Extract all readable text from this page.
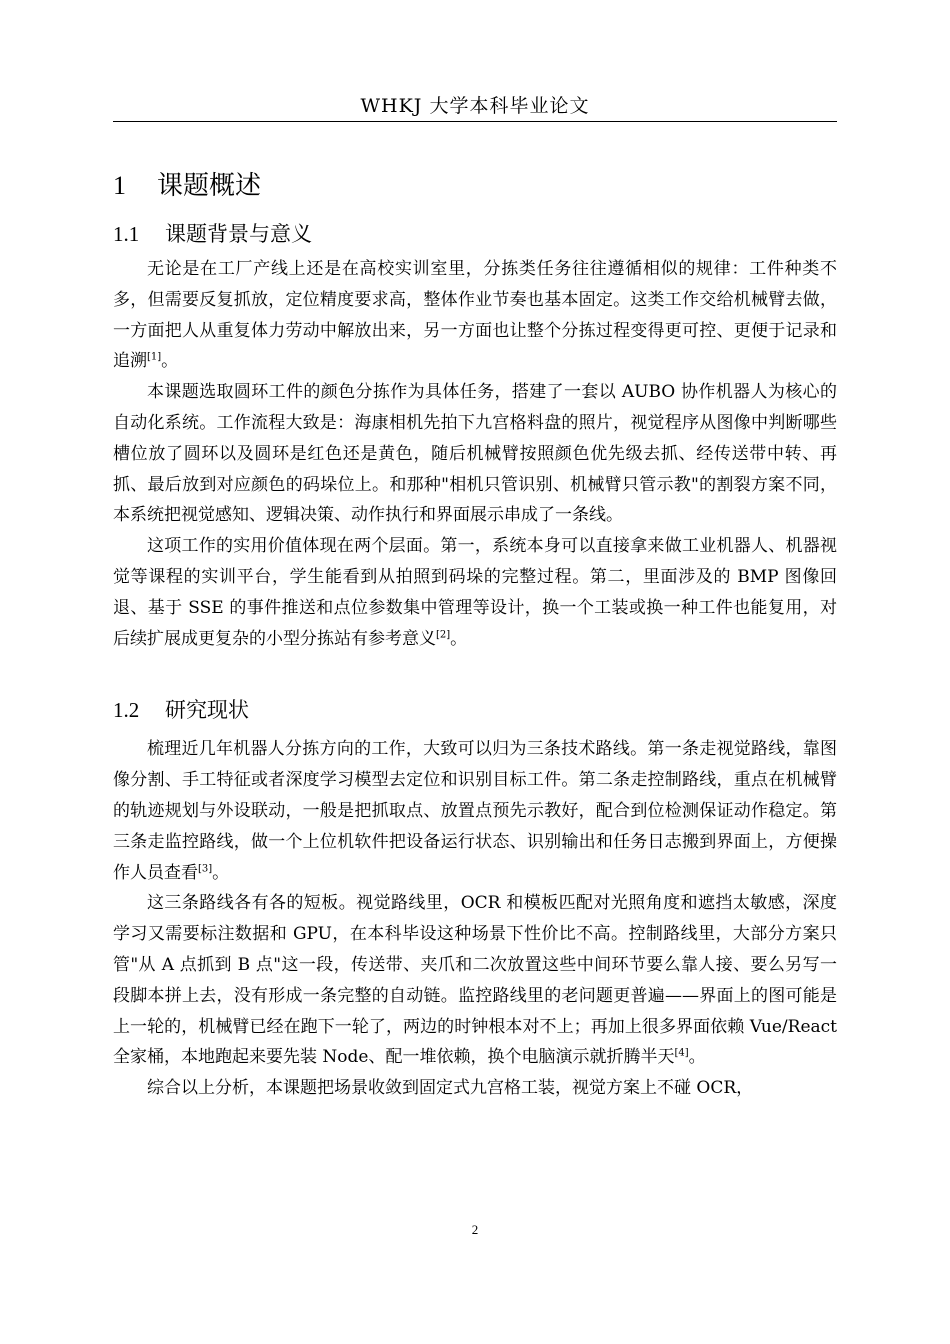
WHKJ 大学本科毕业论文
1 课题概述
1.1 课题背景与意义

无论是在工厂产线上还是在高校实训室里，分拣类任务往往遵循相似的规律：工件种类不多，但需要反复抓放，定位精度要求高，整体作业节奏也基本固定。这类工作交给机械臂去做，一方面把人从重复体力劳动中解放出来，另一方面也让整个分拣过程变得更可控、更便于记录和追溯[1]。

本课题选取圆环工件的颜色分拣作为具体任务，搭建了一套以 AUBO 协作机器人为核心的自动化系统。工作流程大致是：海康相机先拍下九宫格料盘的照片，视觉程序从图像中判断哪些槽位放了圆环以及圆环是红色还是黄色，随后机械臂按照颜色优先级去抓、经传送带中转、再抓、最后放到对应颜色的码垛位上。和那种"相机只管识别、机械臂只管示教"的割裂方案不同，本系统把视觉感知、逻辑决策、动作执行和界面展示串成了一条线。

这项工作的实用价值体现在两个层面。第一，系统本身可以直接拿来做工业机器人、机器视觉等课程的实训平台，学生能看到从拍照到码垛的完整过程。第二，里面涉及的 BMP 图像回退、基于 SSE 的事件推送和点位参数集中管理等设计，换一个工装或换一种工件也能复用，对后续扩展成更复杂的小型分拣站有参考意义[2]。

1.2 研究现状

梳理近几年机器人分拣方向的工作，大致可以归为三条技术路线。第一条走视觉路线，靠图像分割、手工特征或者深度学习模型去定位和识别目标工件。第二条走控制路线，重点在机械臂的轨迹规划与外设联动，一般是把抓取点、放置点预先示教好，配合到位检测保证动作稳定。第三条走监控路线，做一个上位机软件把设备运行状态、识别输出和任务日志搬到界面上，方便操作人员查看[3]。

这三条路线各有各的短板。视觉路线里，OCR 和模板匹配对光照角度和遮挡太敏感，深度学习又需要标注数据和 GPU，在本科毕设这种场景下性价比不高。控制路线里，大部分方案只管"从 A 点抓到 B 点"这一段，传送带、夹爪和二次放置这些中间环节要么靠人接、要么另写一段脚本拼上去，没有形成一条完整的自动链。监控路线里的老问题更普遍——界面上的图可能是上一轮的，机械臂已经在跑下一轮了，两边的时钟根本对不上；再加上很多界面依赖 Vue/React 全家桶，本地跑起来要先装 Node、配一堆依赖，换个电脑演示就折腾半天[4]。

综合以上分析，本课题把场景收敛到固定式九宫格工装，视觉方案上不碰 OCR，

2
